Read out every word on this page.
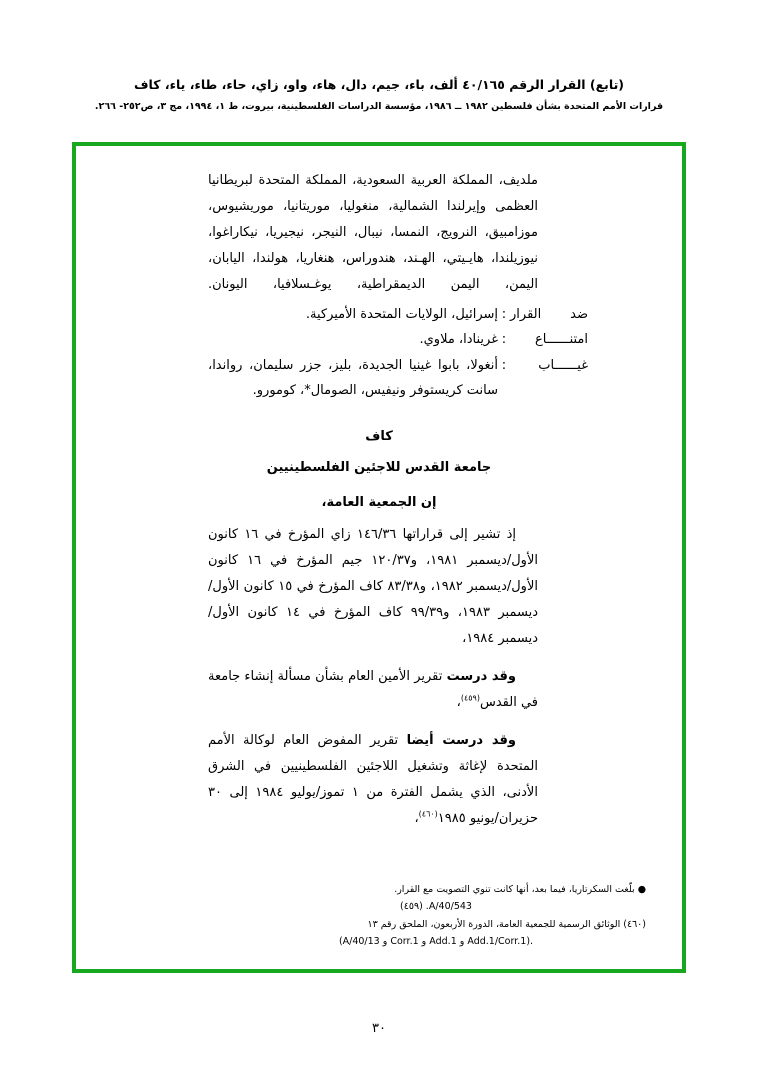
(تابع) القرار الرقم ٤٠/١٦٥ ألف، باء، جيم، دال، هاء، واو، زاي، حاء، طاء، ياء، كاف
قرارات الأمم المتحدة بشأن فلسطين ١٩٨٢ ــ ١٩٨٦، مؤسسة الدراسات الفلسطينية، بيروت، ط ١، ١٩٩٤، مج ٣، ص٢٥٢- ٢٦٦.
ملديف، المملكة العربية السعودية، المملكة المتحدة لبريطانيا العظمى وإيرلندا الشمالية، منغوليا، موريتانيا، موريشيوس، موزامبيق، النرويج، النمسا، نيبال، النيجر، نيجيريا، نيكاراغوا، نيوزيلندا، هايـيتي، الهـند، هندوراس، هنغاريا، هولندا، اليابان، اليمن، اليمن الديمقراطية، يوغـسلافيا، اليونان.
ضد القرار
:
إسرائيل، الولايات المتحدة الأميركية.
امتنــــــاع
:
غرينادا، ملاوي.
غيــــــاب
:
أنغولا، بابوا غينيا الجديدة، بليز، جزر سليمان، رواندا، سانت كريستوفر ونيفيس، الصومال*، كومورو.
كاف
جامعة القدس للاجئين الفلسطينيين
إن الجمعية العامة،
إذ تشير إلى قراراتها ١٤٦/٣٦ زاي المؤرخ في ١٦ كانون الأول/ديسمبر ١٩٨١، و١٢٠/٣٧ جيم المؤرخ في ١٦ كانون الأول/ديسمبر ١٩٨٢، و٨٣/٣٨ كاف المؤرخ في ١٥ كانون الأول/ديسمبر ١٩٨٣، و٩٩/٣٩ كاف المؤرخ في ١٤ كانون الأول/ديسمبر ١٩٨٤،
وقد درست تقرير الأمين العام بشأن مسألة إنشاء جامعة في القدس$^{(٤٥٩)}$،
وقد درست أيضا تقرير المفوض العام لوكالة الأمم المتحدة لإغاثة وتشغيل اللاجئين الفلسطينيين في الشرق الأدنى، الذي يشمل الفترة من ١ تموز/يوليو ١٩٨٤ إلى ٣٠ حزيران/يونيو ١٩٨٥$^{(٤٦٠)}$،
● بلّغت السكرتاريا، فيما بعد، أنها كانت تنوي التصويت مع القرار.
(٤٥٩) .A/40/543
(٤٦٠) الوثائق الرسمية للجمعية العامة، الدورة الأربعون، الملحق رقم ١٣
(A/40/13 و Corr.1 و Add.1 و Add.1/Corr.1).
٣٠
